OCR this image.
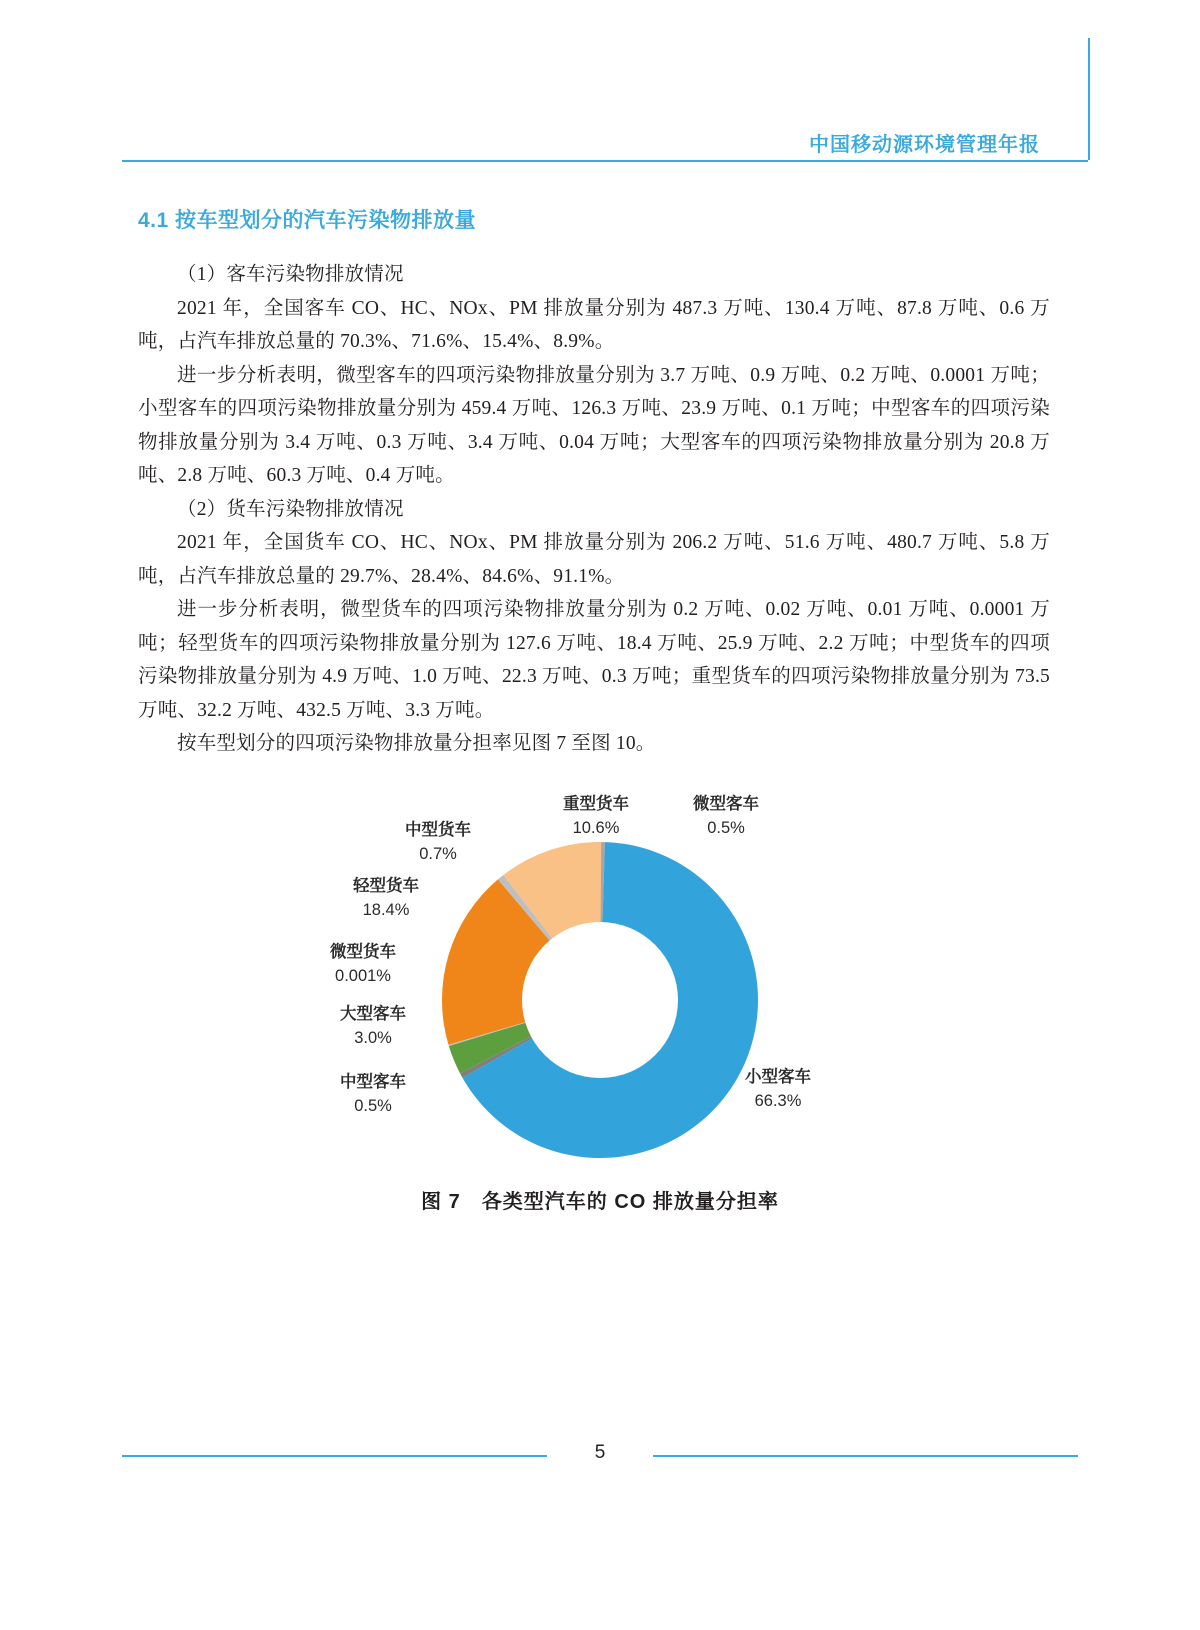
中国移动源环境管理年报
4.1 按车型划分的汽车污染物排放量

（1）客车污染物排放情况

2021 年，全国客车 CO、HC、NOx、PM 排放量分别为 487.3 万吨、130.4 万吨、87.8 万吨、0.6 万吨，占汽车排放总量的 70.3%、71.6%、15.4%、8.9%。

进一步分析表明，微型客车的四项污染物排放量分别为 3.7 万吨、0.9 万吨、0.2 万吨、0.0001 万吨；小型客车的四项污染物排放量分别为 459.4 万吨、126.3 万吨、23.9 万吨、0.1 万吨；中型客车的四项污染物排放量分别为 3.4 万吨、0.3 万吨、3.4 万吨、0.04 万吨；大型客车的四项污染物排放量分别为 20.8 万吨、2.8 万吨、60.3 万吨、0.4 万吨。

（2）货车污染物排放情况

2021 年，全国货车 CO、HC、NOx、PM 排放量分别为 206.2 万吨、51.6 万吨、480.7 万吨、5.8 万吨，占汽车排放总量的 29.7%、28.4%、84.6%、91.1%。

进一步分析表明，微型货车的四项污染物排放量分别为 0.2 万吨、0.02 万吨、0.01 万吨、0.0001 万吨；轻型货车的四项污染物排放量分别为 127.6 万吨、18.4 万吨、25.9 万吨、2.2 万吨；中型货车的四项污染物排放量分别为 4.9 万吨、1.0 万吨、22.3 万吨、0.3 万吨；重型货车的四项污染物排放量分别为 73.5 万吨、32.2 万吨、432.5 万吨、3.3 万吨。

按车型划分的四项污染物排放量分担率见图 7 至图 10。

重型货车
10.6%
微型客车
0.5%
中型货车
0.7%
轻型货车
18.4%
微型货车
0.001%
大型客车
3.0%
中型客车
0.5%
小型客车
66.3%
图 7　各类型汽车的 CO 排放量分担率
5
